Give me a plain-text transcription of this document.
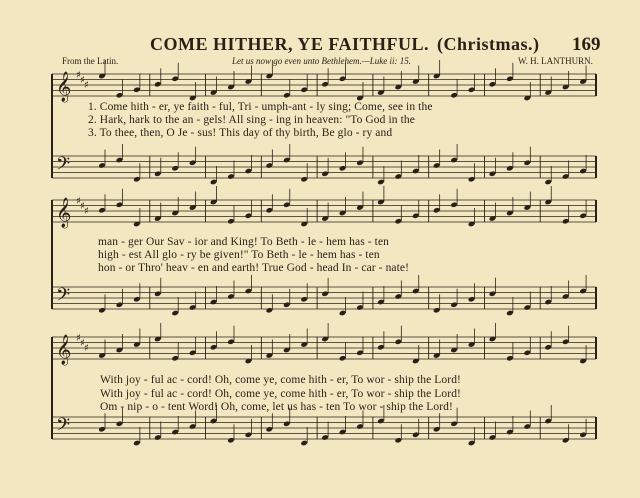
COME HITHER, YE FAITHFUL. (Christmas.) 169
From the Latin.	Let us now go even unto Bethlehem.—Luke ii: 15.	W. H. LANTHURN.
𝄞
𝄢
♯ ♯ ♯
𝄞
𝄢
♯ ♯ ♯
𝄞
𝄢
♯ ♯ ♯
1. Come hith - er, ye faith - ful, Tri - umph-ant - ly sing; Come, see in the
2. Hark, hark to the an - gels! All sing - ing in heaven: "To God in the
3. To thee, then, O Je - sus! This day of thy birth, Be glo - ry and
man - ger Our Sav - ior and King! To Beth - le - hem has - ten
high - est All glo - ry be given!" To Beth - le - hem has - ten
hon - or Thro' heav - en and earth! True God - head In - car - nate!
With joy - ful ac - cord! Oh, come ye, come hith - er, To wor - ship the Lord!
With joy - ful ac - cord! Oh, come ye, come hith - er, To wor - ship the Lord!
Om - nip - o - tent Word! Oh, come, let us has - ten To wor - ship the Lord!
